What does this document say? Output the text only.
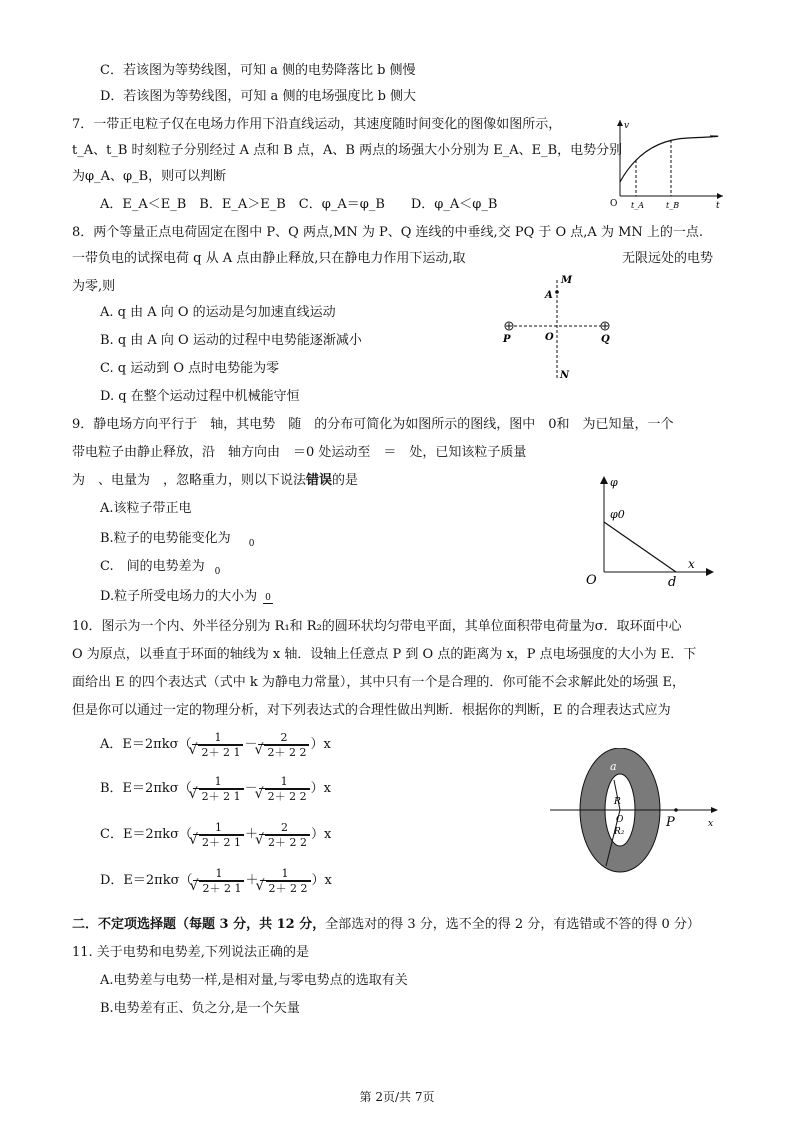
C．若该图为等势线图，可知 a 侧的电势降落比 b 侧慢
D．若该图为等势线图，可知 a 侧的电场强度比 b 侧大
7．一带正电粒子仅在电场力作用下沿直线运动，其速度随时间变化的图像如图所示，
t_A、t_B 时刻粒子分别经过 A 点和 B 点，A、B 两点的场强大小分别为 E_A、E_B，电势分别
为φ_A、φ_B，则可以判断
A．E_A＜E_B　B．E_A＞E_B　C．φ_A＝φ_B　　D．φ_A＜φ_B
v
O t_A	t_B	t
8．两个等量正点电荷固定在图中 P、Q 两点,MN 为 P、Q 连线的中垂线,交 PQ 于 O 点,A 为 MN 上的一点.
一带负电的试探电荷 q 从 A 点由静止释放,只在静电力作用下运动,取	无限远处的电势
为零,则
A. q 由 A 向 O 的运动是匀加速直线运动
B. q 由 A 向 O 运动的过程中电势能逐渐减小
C. q 运动到 O 点时电势能为零
D. q 在整个运动过程中机械能守恒
M
A
P	O	Q
N
9．静电场方向平行于　轴，其电势　随　的分布可简化为如图所示的图线，图中　0和　为已知量，一个
带电粒子由静止释放，沿　轴方向由　＝0 处运动至　＝　处，已知该粒子质量
为　、电量为　，忽略重力，则以下说法错误的是
A.该粒子带正电
B.粒子的电势能变化为 $_0$
C.　间的电势差为 $_0$
D.粒子所受电场力的大小为 0
φ
φ0
x
O	d
10．图示为一个内、外半径分别为 R₁和 R₂的圆环状均匀带电平面，其单位面积带电荷量为σ．取环面中心
O 为原点，以垂直于环面的轴线为 x 轴．设轴上任意点 P 到 O 点的距离为 x，P 点电场强度的大小为 E．下
面给出 E 的四个表达式（式中 k 为静电力常量），其中只有一个是合理的．你可能不会求解此处的场强 E，
但是你可以通过一定的物理分析，对下列表达式的合理性做出判断．根据你的判断，E 的合理表达式应为
A．E＝2πkσ（ 1
√ 2＋ 2 1 － 2
√ 2＋ 2 2 ）x
B．E＝2πkσ（ 1
√ 2＋ 2 1 － 1
√ 2＋ 2 2 ）x
C．E＝2πkσ（ 1
√ 2＋ 2 1 ＋ 2
√ 2＋ 2 2 ）x
D．E＝2πkσ（ 1
√ 2＋ 2 1 ＋ 1
√ 2＋ 2 2 ）x
a
R
O
R₂
P	x
二．不定项选择题（每题 3 分，共 12 分，全部选对的得 3 分，选不全的得 2 分，有选错或不答的得 0 分）
11. 关于电势和电势差,下列说法正确的是
A.电势差与电势一样,是相对量,与零电势点的选取有关
B.电势差有正、负之分,是一个矢量
第 2页/共 7页
